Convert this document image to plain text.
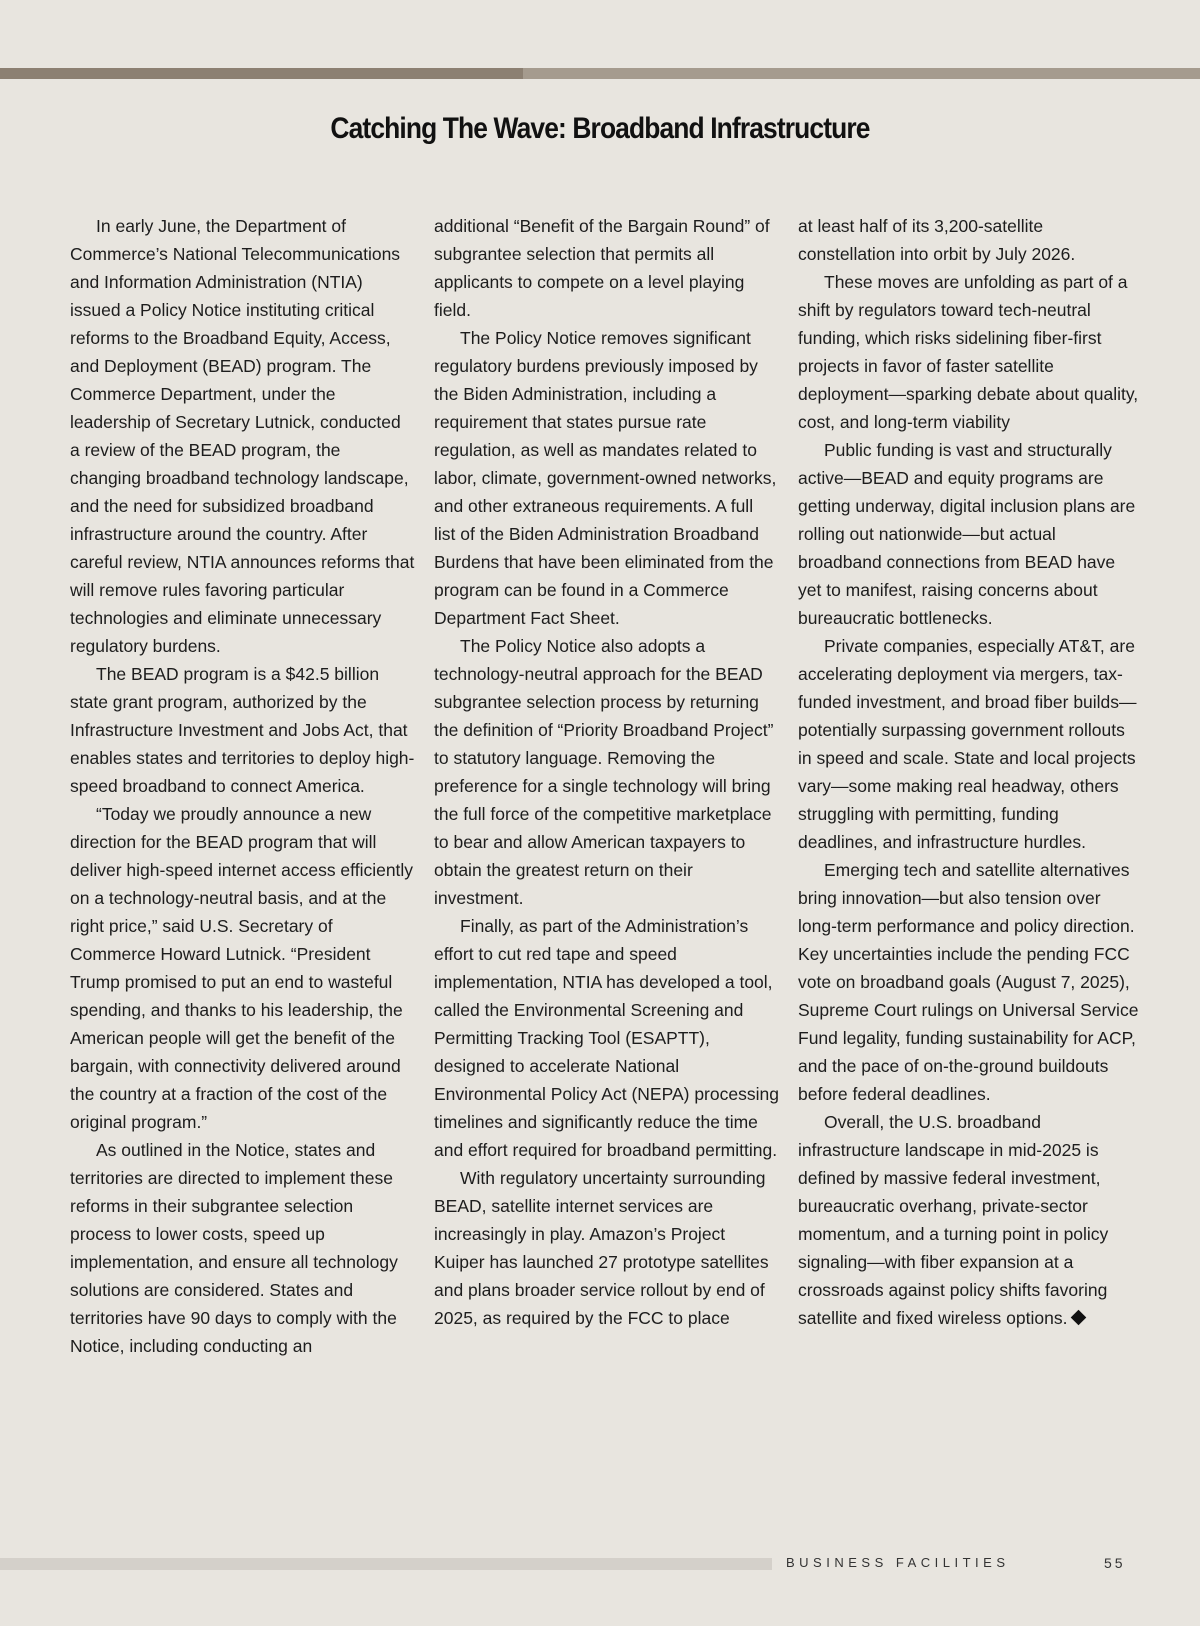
Catching The Wave: Broadband Infrastructure

In early June, the Department of Commerce’s National Telecommunications and Information Administration (NTIA) issued a Policy Notice instituting critical reforms to the Broadband Equity, Access, and Deployment (BEAD) program. The Commerce Department, under the leadership of Secretary Lutnick, conducted a review of the BEAD program, the changing broadband technology landscape, and the need for subsidized broadband infrastructure around the country. After careful review, NTIA announces reforms that will remove rules favoring particular technologies and eliminate unnecessary regulatory burdens.

The BEAD program is a $42.5 billion state grant program, authorized by the Infrastructure Investment and Jobs Act, that enables states and territories to deploy high-speed broadband to connect America.

“Today we proudly announce a new direction for the BEAD program that will deliver high-speed internet access efficiently on a technology-neutral basis, and at the right price,” said U.S. Secretary of Commerce Howard Lutnick. “President Trump promised to put an end to wasteful spending, and thanks to his leadership, the American people will get the benefit of the bargain, with connectivity delivered around the country at a fraction of the cost of the original program.”

As outlined in the Notice, states and territories are directed to implement these reforms in their subgrantee selection process to lower costs, speed up implementation, and ensure all technology solutions are considered. States and territories have 90 days to comply with the Notice, including conducting an

additional “Benefit of the Bargain Round” of subgrantee selection that permits all applicants to compete on a level playing field.

The Policy Notice removes significant regulatory burdens previously imposed by the Biden Administration, including a requirement that states pursue rate regulation, as well as mandates related to labor, climate, government-owned networks, and other extraneous requirements. A full list of the Biden Administration Broadband Burdens that have been eliminated from the program can be found in a Commerce Department Fact Sheet.

The Policy Notice also adopts a technology-neutral approach for the BEAD subgrantee selection process by returning the definition of “Priority Broadband Project” to statutory language. Removing the preference for a single technology will bring the full force of the competitive marketplace to bear and allow American taxpayers to obtain the greatest return on their investment.

Finally, as part of the Administration’s effort to cut red tape and speed implementation, NTIA has developed a tool, called the Environmental Screening and Permitting Tracking Tool (ESAPTT), designed to accelerate National Environmental Policy Act (NEPA) processing timelines and significantly reduce the time and effort required for broadband permitting.

With regulatory uncertainty surrounding BEAD, satellite internet services are increasingly in play. Amazon’s Project Kuiper has launched 27 prototype satellites and plans broader service rollout by end of 2025, as required by the FCC to place

at least half of its 3,200-satellite constellation into orbit by July 2026.

These moves are unfolding as part of a shift by regulators toward tech-neutral funding, which risks sidelining fiber-first projects in favor of faster satellite deployment—sparking debate about quality, cost, and long-term viability

Public funding is vast and structurally active—BEAD and equity programs are getting underway, digital inclusion plans are rolling out nationwide—but actual broadband connections from BEAD have yet to manifest, raising concerns about bureaucratic bottlenecks.

Private companies, especially AT&T, are accelerating deployment via mergers, tax-funded investment, and broad fiber builds—potentially surpassing government rollouts in speed and scale. State and local projects vary—some making real headway, others struggling with permitting, funding deadlines, and infrastructure hurdles.

Emerging tech and satellite alternatives bring innovation—but also tension over long-term performance and policy direction. Key uncertainties include the pending FCC vote on broadband goals (August 7, 2025), Supreme Court rulings on Universal Service Fund legality, funding sustainability for ACP, and the pace of on-the-ground buildouts before federal deadlines.

Overall, the U.S. broadband infrastructure landscape in mid-2025 is defined by massive federal investment, bureaucratic overhang, private-sector momentum, and a turning point in policy signaling—with fiber expansion at a crossroads against policy shifts favoring satellite and fixed wireless options.

BUSINESS FACILITIES	55
